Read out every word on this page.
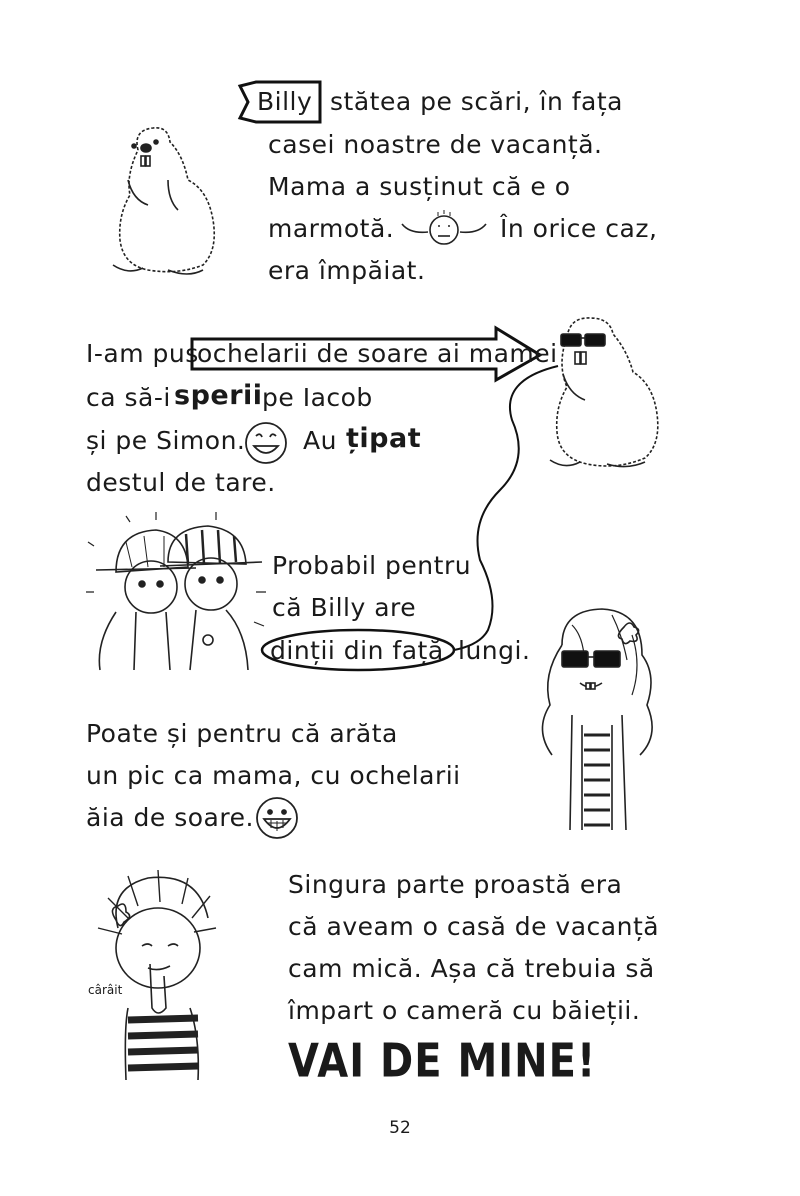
Billy stătea pe scări, în fața
casei noastre de vacanță.
Mama a susținut că e o
marmotă.	În orice caz,
era împăiat.
I-am pus
ochelarii de soare ai mamei
ca să-i sperii pe Iacob
și pe Simon. Au țipat
destul de tare.
Probabil pentru
că Billy are
dinții din față lungi.
Poate și pentru că arăta
un pic ca mama, cu ochelarii
ăia de soare.
cârâit
Singura parte proastă era
că aveam o casă de vacanță
cam mică. Așa că trebuia să
împart o cameră cu băieții.
VAI DE MINE!
52
